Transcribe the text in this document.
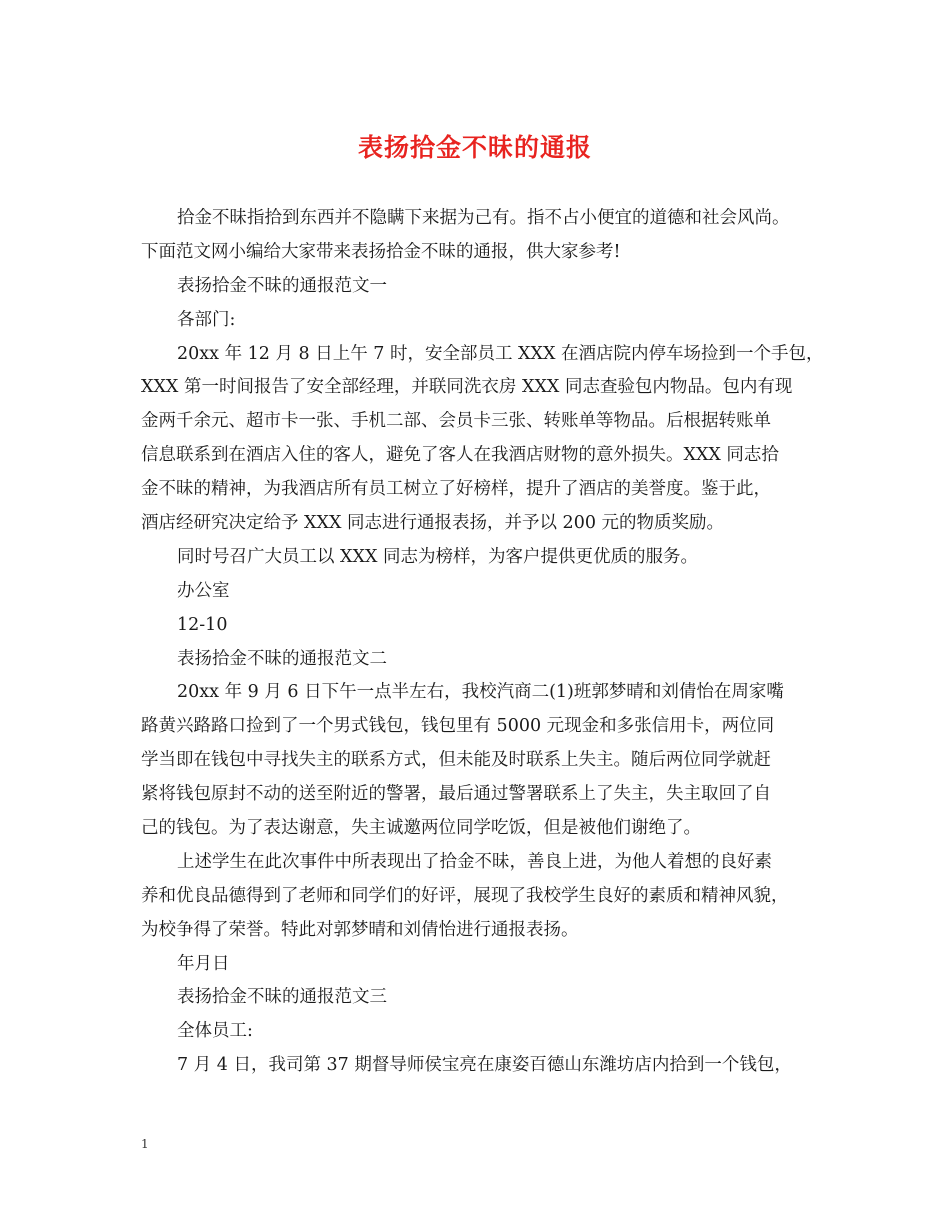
表扬拾金不昧的通报
拾金不昧指拾到东西并不隐瞒下来据为己有。指不占小便宜的道德和社会风尚。
下面范文网小编给大家带来表扬拾金不昧的通报，供大家参考!
表扬拾金不昧的通报范文一
各部门:
20xx 年 12 月 8 日上午 7 时，安全部员工 XXX 在酒店院内停车场捡到一个手包，
XXX 第一时间报告了安全部经理，并联同洗衣房 XXX 同志查验包内物品。包内有现
金两千余元、超市卡一张、手机二部、会员卡三张、转账单等物品。后根据转账单
信息联系到在酒店入住的客人，避免了客人在我酒店财物的意外损失。XXX 同志拾
金不昧的精神，为我酒店所有员工树立了好榜样，提升了酒店的美誉度。鉴于此，
酒店经研究决定给予 XXX 同志进行通报表扬，并予以 200 元的物质奖励。
同时号召广大员工以 XXX 同志为榜样，为客户提供更优质的服务。
办公室
12-10
表扬拾金不昧的通报范文二
20xx 年 9 月 6 日下午一点半左右，我校汽商二(1)班郭梦晴和刘倩怡在周家嘴
路黄兴路路口捡到了一个男式钱包，钱包里有 5000 元现金和多张信用卡，两位同
学当即在钱包中寻找失主的联系方式，但未能及时联系上失主。随后两位同学就赶
紧将钱包原封不动的送至附近的警署，最后通过警署联系上了失主，失主取回了自
己的钱包。为了表达谢意，失主诚邀两位同学吃饭，但是被他们谢绝了。
上述学生在此次事件中所表现出了拾金不昧，善良上进，为他人着想的良好素
养和优良品德得到了老师和同学们的好评，展现了我校学生良好的素质和精神风貌，
为校争得了荣誉。特此对郭梦晴和刘倩怡进行通报表扬。
年月日
表扬拾金不昧的通报范文三
全体员工:
7 月 4 日，我司第 37 期督导师侯宝亮在康姿百德山东潍坊店内拾到一个钱包，
1
